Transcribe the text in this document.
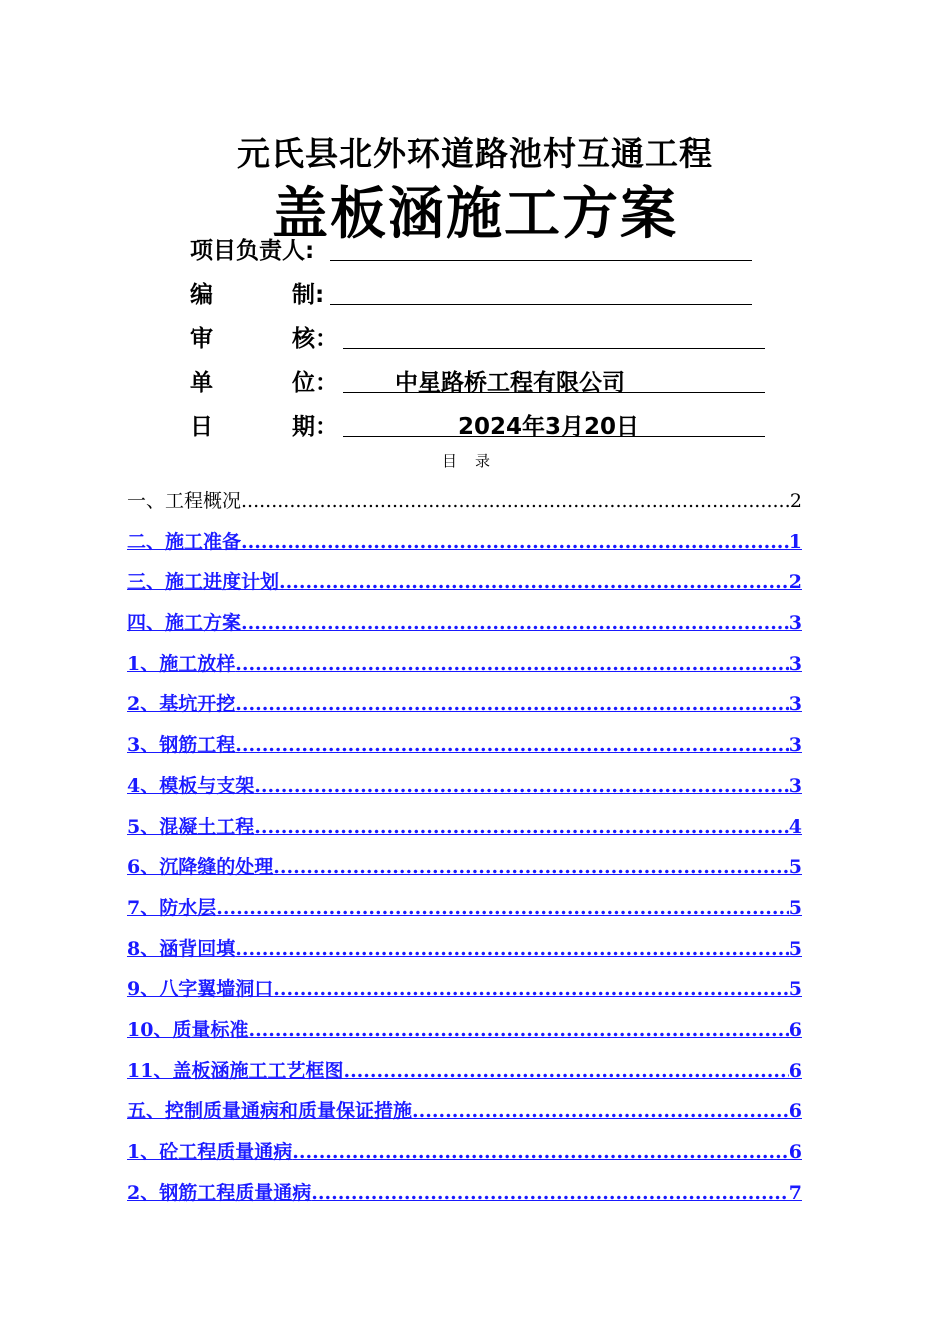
元氏县北外环道路池村互通工程
盖板涵施工方案
项目负责人:
编	制:
审	核：
单	位：	中星路桥工程有限公司
日	期：	2024年3月20日
目录
一、工程概况 .....	2
二、施工准备 .....	1
三、施工进度计划 .....	2
四、施工方案 .....	3
1、施工放样 .....	3
2、基坑开挖 .....	3
3、钢筋工程 .....	3
4、模板与支架 .....	3
5、混凝土工程 .....	4
6、沉降缝的处理 .....	5
7、防水层 .....	5
8、涵背回填 .....	5
9、八字翼墙洞口 .....	5
10、质量标准 .....	6
11、盖板涵施工工艺框图 .....	6
五、控制质量通病和质量保证措施 .....	6
1、砼工程质量通病 .....	6
2、钢筋工程质量通病 .....	7
